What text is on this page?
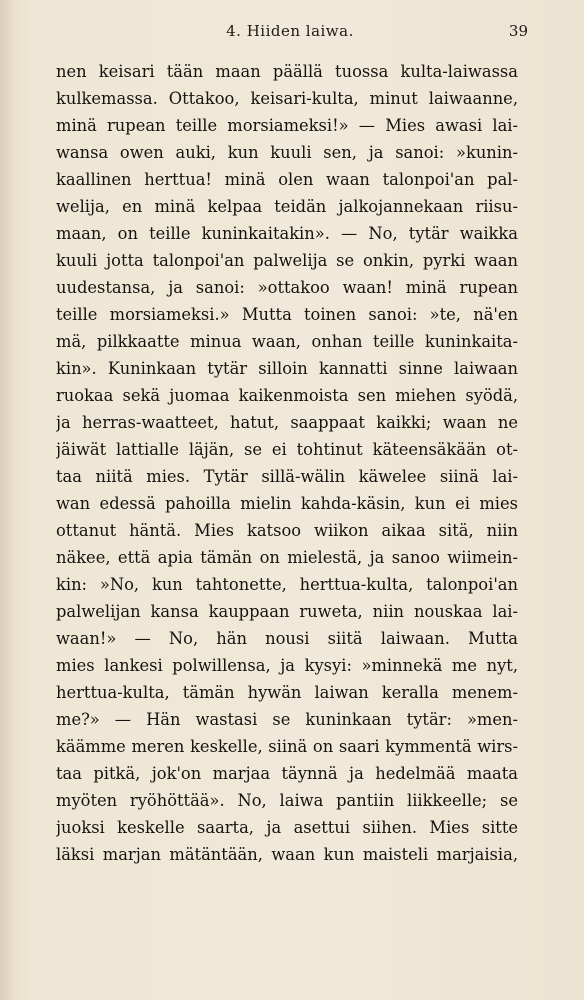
4. Hiiden laiwa.	39
nen keisari tään maan päällä tuossa kulta-laiwassa
kulkemassa. Ottakoo, keisari-kulta, minut laiwaanne,
minä rupean teille morsiameksi!» — Mies awasi lai-
wansa owen auki, kun kuuli sen, ja sanoi: »kunin-
kaallinen herttua! minä olen waan talonpoi'an pal-
welija, en minä kelpaa teidän jalkojannekaan riisu-
maan, on teille kuninkaitakin». — No, tytär waikka
kuuli jotta talonpoi'an palwelija se onkin, pyrki waan
uudestansa, ja sanoi: »ottakoo waan! minä rupean
teille morsiameksi.» Mutta toinen sanoi: »te, nä'en
mä, pilkkaatte minua waan, onhan teille kuninkaita-
kin». Kuninkaan tytär silloin kannatti sinne laiwaan
ruokaa sekä juomaa kaikenmoista sen miehen syödä,
ja herras-waatteet, hatut, saappaat kaikki; waan ne
jäiwät lattialle läjän, se ei tohtinut käteensäkään ot-
taa niitä mies. Tytär sillä-wälin käwelee siinä lai-
wan edessä pahoilla mielin kahda-käsin, kun ei mies
ottanut häntä. Mies katsoo wiikon aikaa sitä, niin
näkee, että apia tämän on mielestä, ja sanoo wiimein-
kin: »No, kun tahtonette, herttua-kulta, talonpoi'an
palwelijan kansa kauppaan ruweta, niin nouskaa lai-
waan!» — No, hän nousi siitä laiwaan. Mutta
mies lankesi polwillensa, ja kysyi: »minnekä me nyt,
herttua-kulta, tämän hywän laiwan keralla menem-
me?» — Hän wastasi se kuninkaan tytär: »men-
käämme meren keskelle, siinä on saari kymmentä wirs-
taa pitkä, jok'on marjaa täynnä ja hedelmää maata
myöten ryöhöttää». No, laiwa pantiin liikkeelle; se
juoksi keskelle saarta, ja asettui siihen. Mies sitte
läksi marjan mätäntään, waan kun maisteli marjaisia,
